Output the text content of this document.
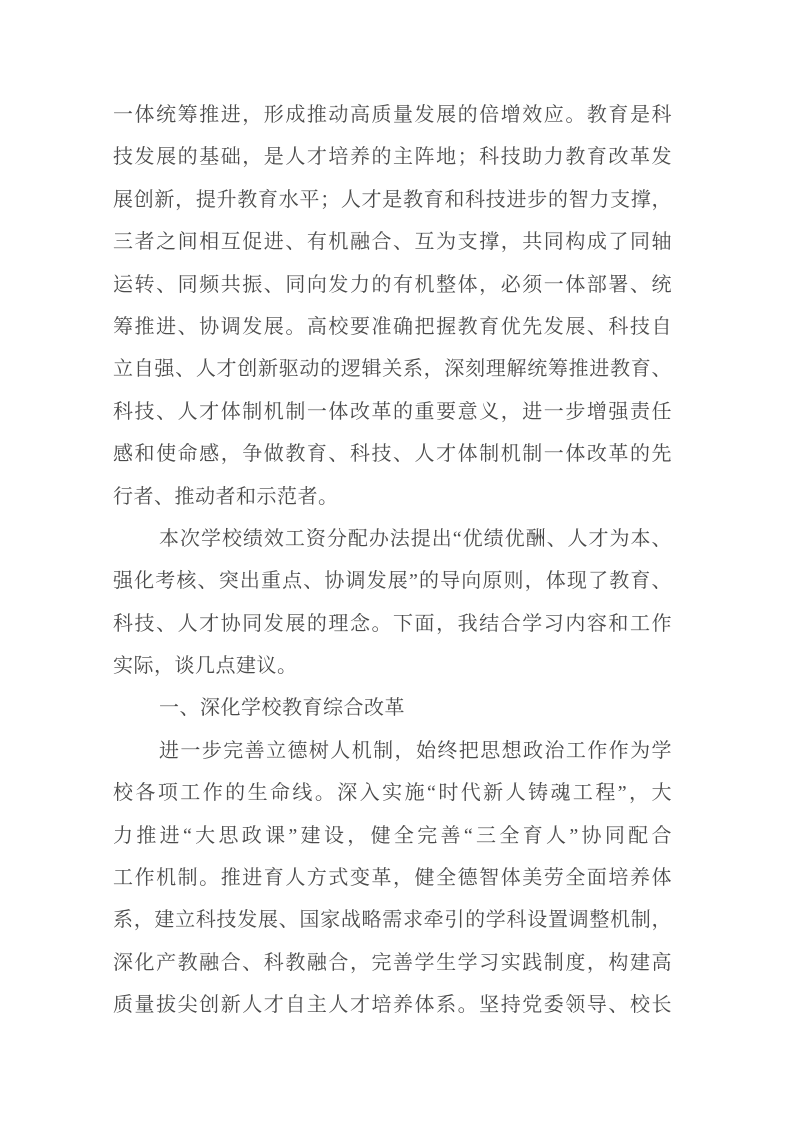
一体统筹推进，形成推动高质量发展的倍增效应。教育是科
技发展的基础，是人才培养的主阵地；科技助力教育改革发
展创新，提升教育水平；人才是教育和科技进步的智力支撑，
三者之间相互促进、有机融合、互为支撑，共同构成了同轴
运转、同频共振、同向发力的有机整体，必须一体部署、统
筹推进、协调发展。高校要准确把握教育优先发展、科技自
立自强、人才创新驱动的逻辑关系，深刻理解统筹推进教育、
科技、人才体制机制一体改革的重要意义，进一步增强责任
感和使命感，争做教育、科技、人才体制机制一体改革的先
行者、推动者和示范者。
本次学校绩效工资分配办法提出“优绩优酬、人才为本、
强化考核、突出重点、协调发展”的导向原则，体现了教育、
科技、人才协同发展的理念。下面，我结合学习内容和工作
实际，谈几点建议。
一、深化学校教育综合改革
进一步完善立德树人机制，始终把思想政治工作作为学
校各项工作的生命线。深入实施“时代新人铸魂工程”，大
力推进“大思政课”建设，健全完善“三全育人”协同配合
工作机制。推进育人方式变革，健全德智体美劳全面培养体
系，建立科技发展、国家战略需求牵引的学科设置调整机制，
深化产教融合、科教融合，完善学生学习实践制度，构建高
质量拔尖创新人才自主人才培养体系。坚持党委领导、校长
